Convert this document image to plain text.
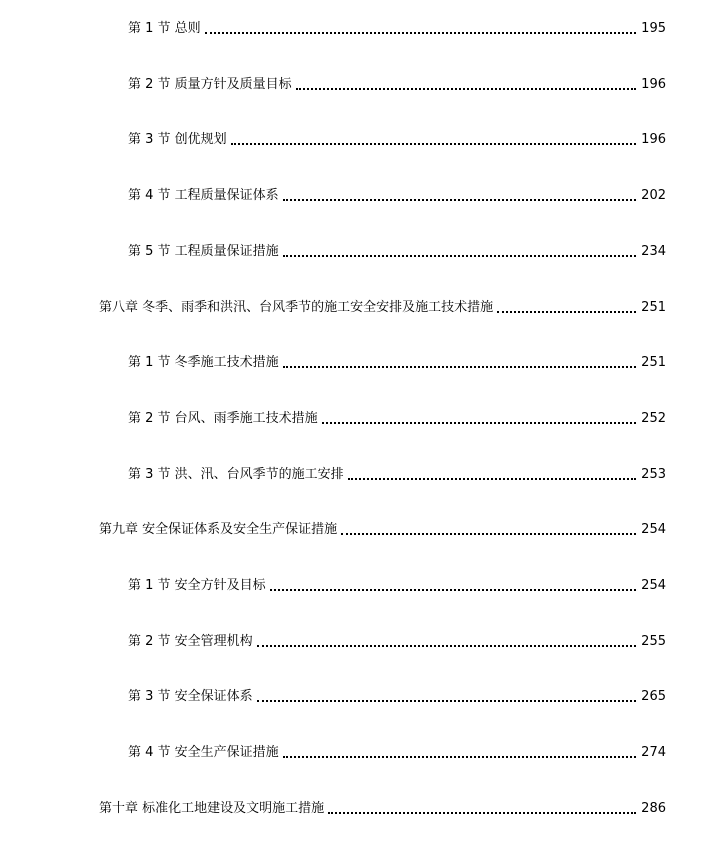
第 1 节 总则	195
第 2 节 质量方针及质量目标	196
第 3 节 创优规划	196
第 4 节 工程质量保证体系	202
第 5 节 工程质量保证措施	234
第八章 冬季、雨季和洪汛、台风季节的施工安全安排及施工技术措施	251
第 1 节 冬季施工技术措施	251
第 2 节 台风、雨季施工技术措施	252
第 3 节 洪、汛、台风季节的施工安排	253
第九章 安全保证体系及安全生产保证措施	254
第 1 节 安全方针及目标	254
第 2 节 安全管理机构	255
第 3 节 安全保证体系	265
第 4 节 安全生产保证措施	274
第十章 标准化工地建设及文明施工措施	286
